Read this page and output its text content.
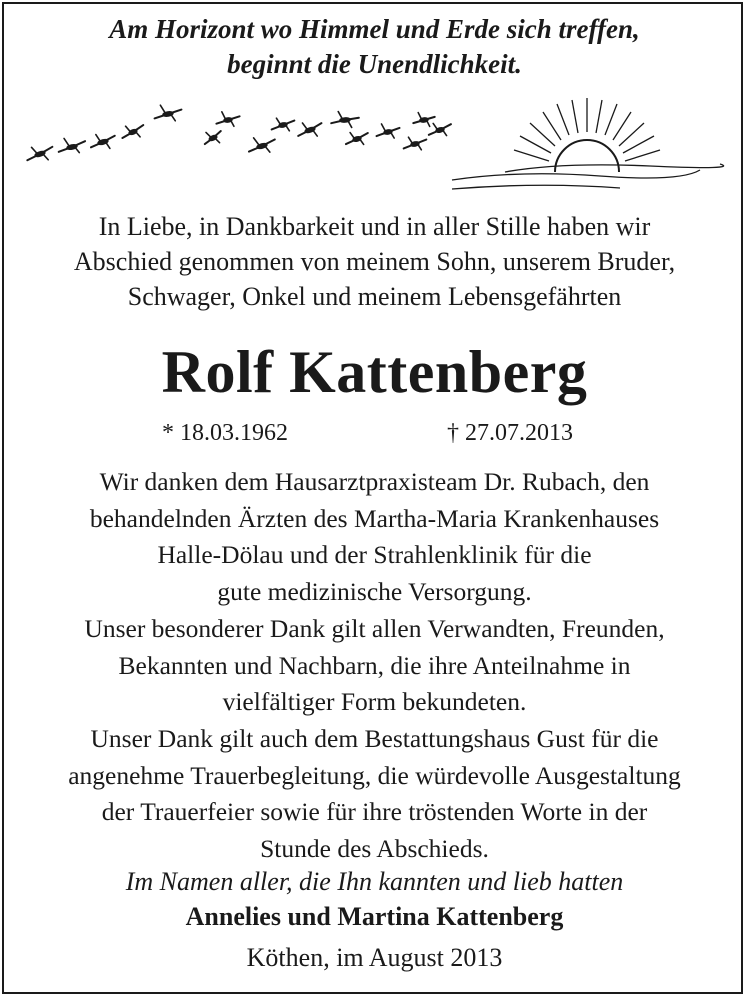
Am Horizont wo Himmel und Erde sich treffen,
beginnt die Unendlichkeit.
In Liebe, in Dankbarkeit und in aller Stille haben wir
Abschied genommen von meinem Sohn, unserem Bruder,
Schwager, Onkel und meinem Lebensgefährten
Rolf Kattenberg
* 18.03.1962	† 27.07.2013
Wir danken dem Hausarztpraxisteam Dr. Rubach, den
behandelnden Ärzten des Martha-Maria Krankenhauses
Halle-Dölau und der Strahlenklinik für die
gute medizinische Versorgung.
Unser besonderer Dank gilt allen Verwandten, Freunden,
Bekannten und Nachbarn, die ihre Anteilnahme in
vielfältiger Form bekundeten.
Unser Dank gilt auch dem Bestattungshaus Gust für die
angenehme Trauerbegleitung, die würdevolle Ausgestaltung
der Trauerfeier sowie für ihre tröstenden Worte in der
Stunde des Abschieds.
Im Namen aller, die Ihn kannten und lieb hatten
Annelies und Martina Kattenberg
Köthen, im August 2013
